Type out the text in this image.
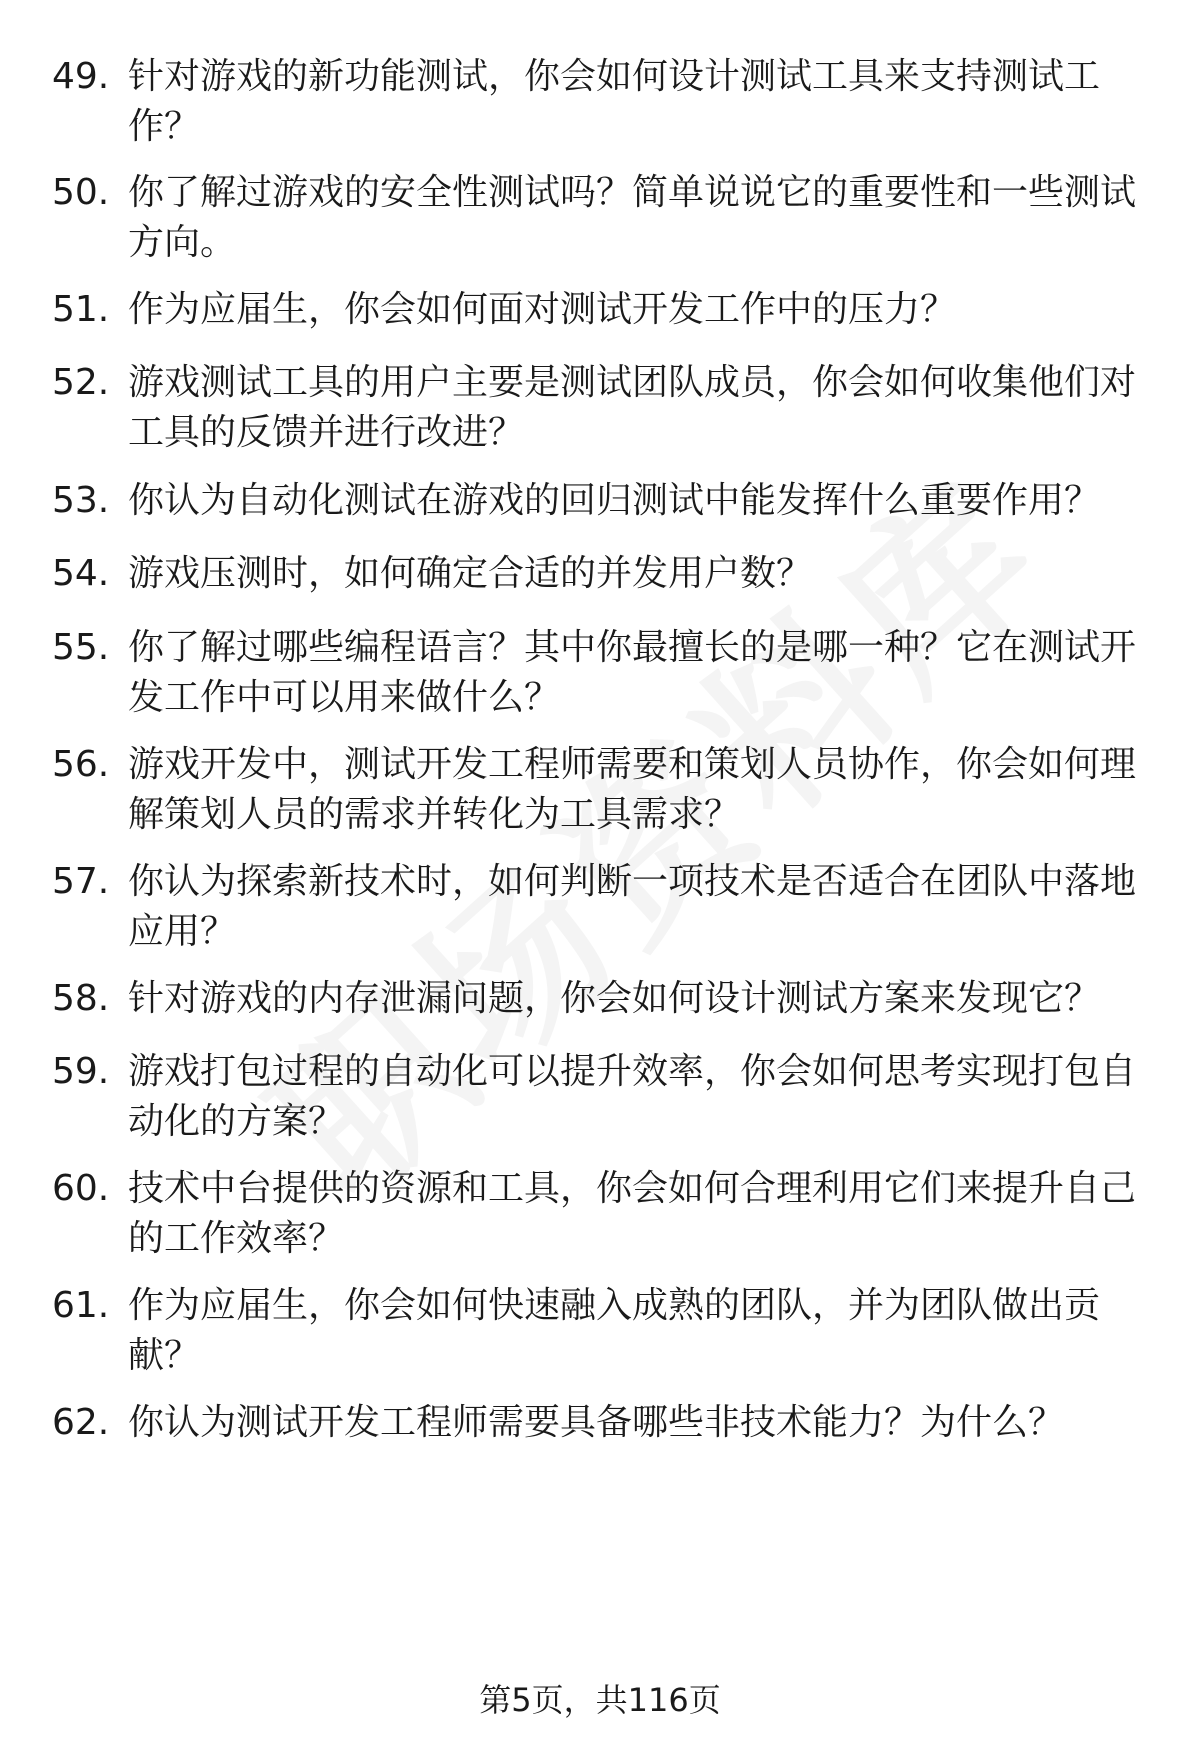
49. 针对游戏的新功能测试，你会如何设计测试工具来支持测试工作？
50. 你了解过游戏的安全性测试吗？简单说说它的重要性和一些测试方向。
51. 作为应届生，你会如何面对测试开发工作中的压力？
52. 游戏测试工具的用户主要是测试团队成员，你会如何收集他们对工具的反馈并进行改进？
53. 你认为自动化测试在游戏的回归测试中能发挥什么重要作用？
54. 游戏压测时，如何确定合适的并发用户数？
55. 你了解过哪些编程语言？其中你最擅长的是哪一种？它在测试开发工作中可以用来做什么？
56. 游戏开发中，测试开发工程师需要和策划人员协作，你会如何理解策划人员的需求并转化为工具需求？
57. 你认为探索新技术时，如何判断一项技术是否适合在团队中落地应用？
58. 针对游戏的内存泄漏问题，你会如何设计测试方案来发现它？
59. 游戏打包过程的自动化可以提升效率，你会如何思考实现打包自动化的方案？
60. 技术中台提供的资源和工具，你会如何合理利用它们来提升自己的工作效率？
61. 作为应届生，你会如何快速融入成熟的团队，并为团队做出贡献？
62. 你认为测试开发工程师需要具备哪些非技术能力？为什么？
第5页，共116页
